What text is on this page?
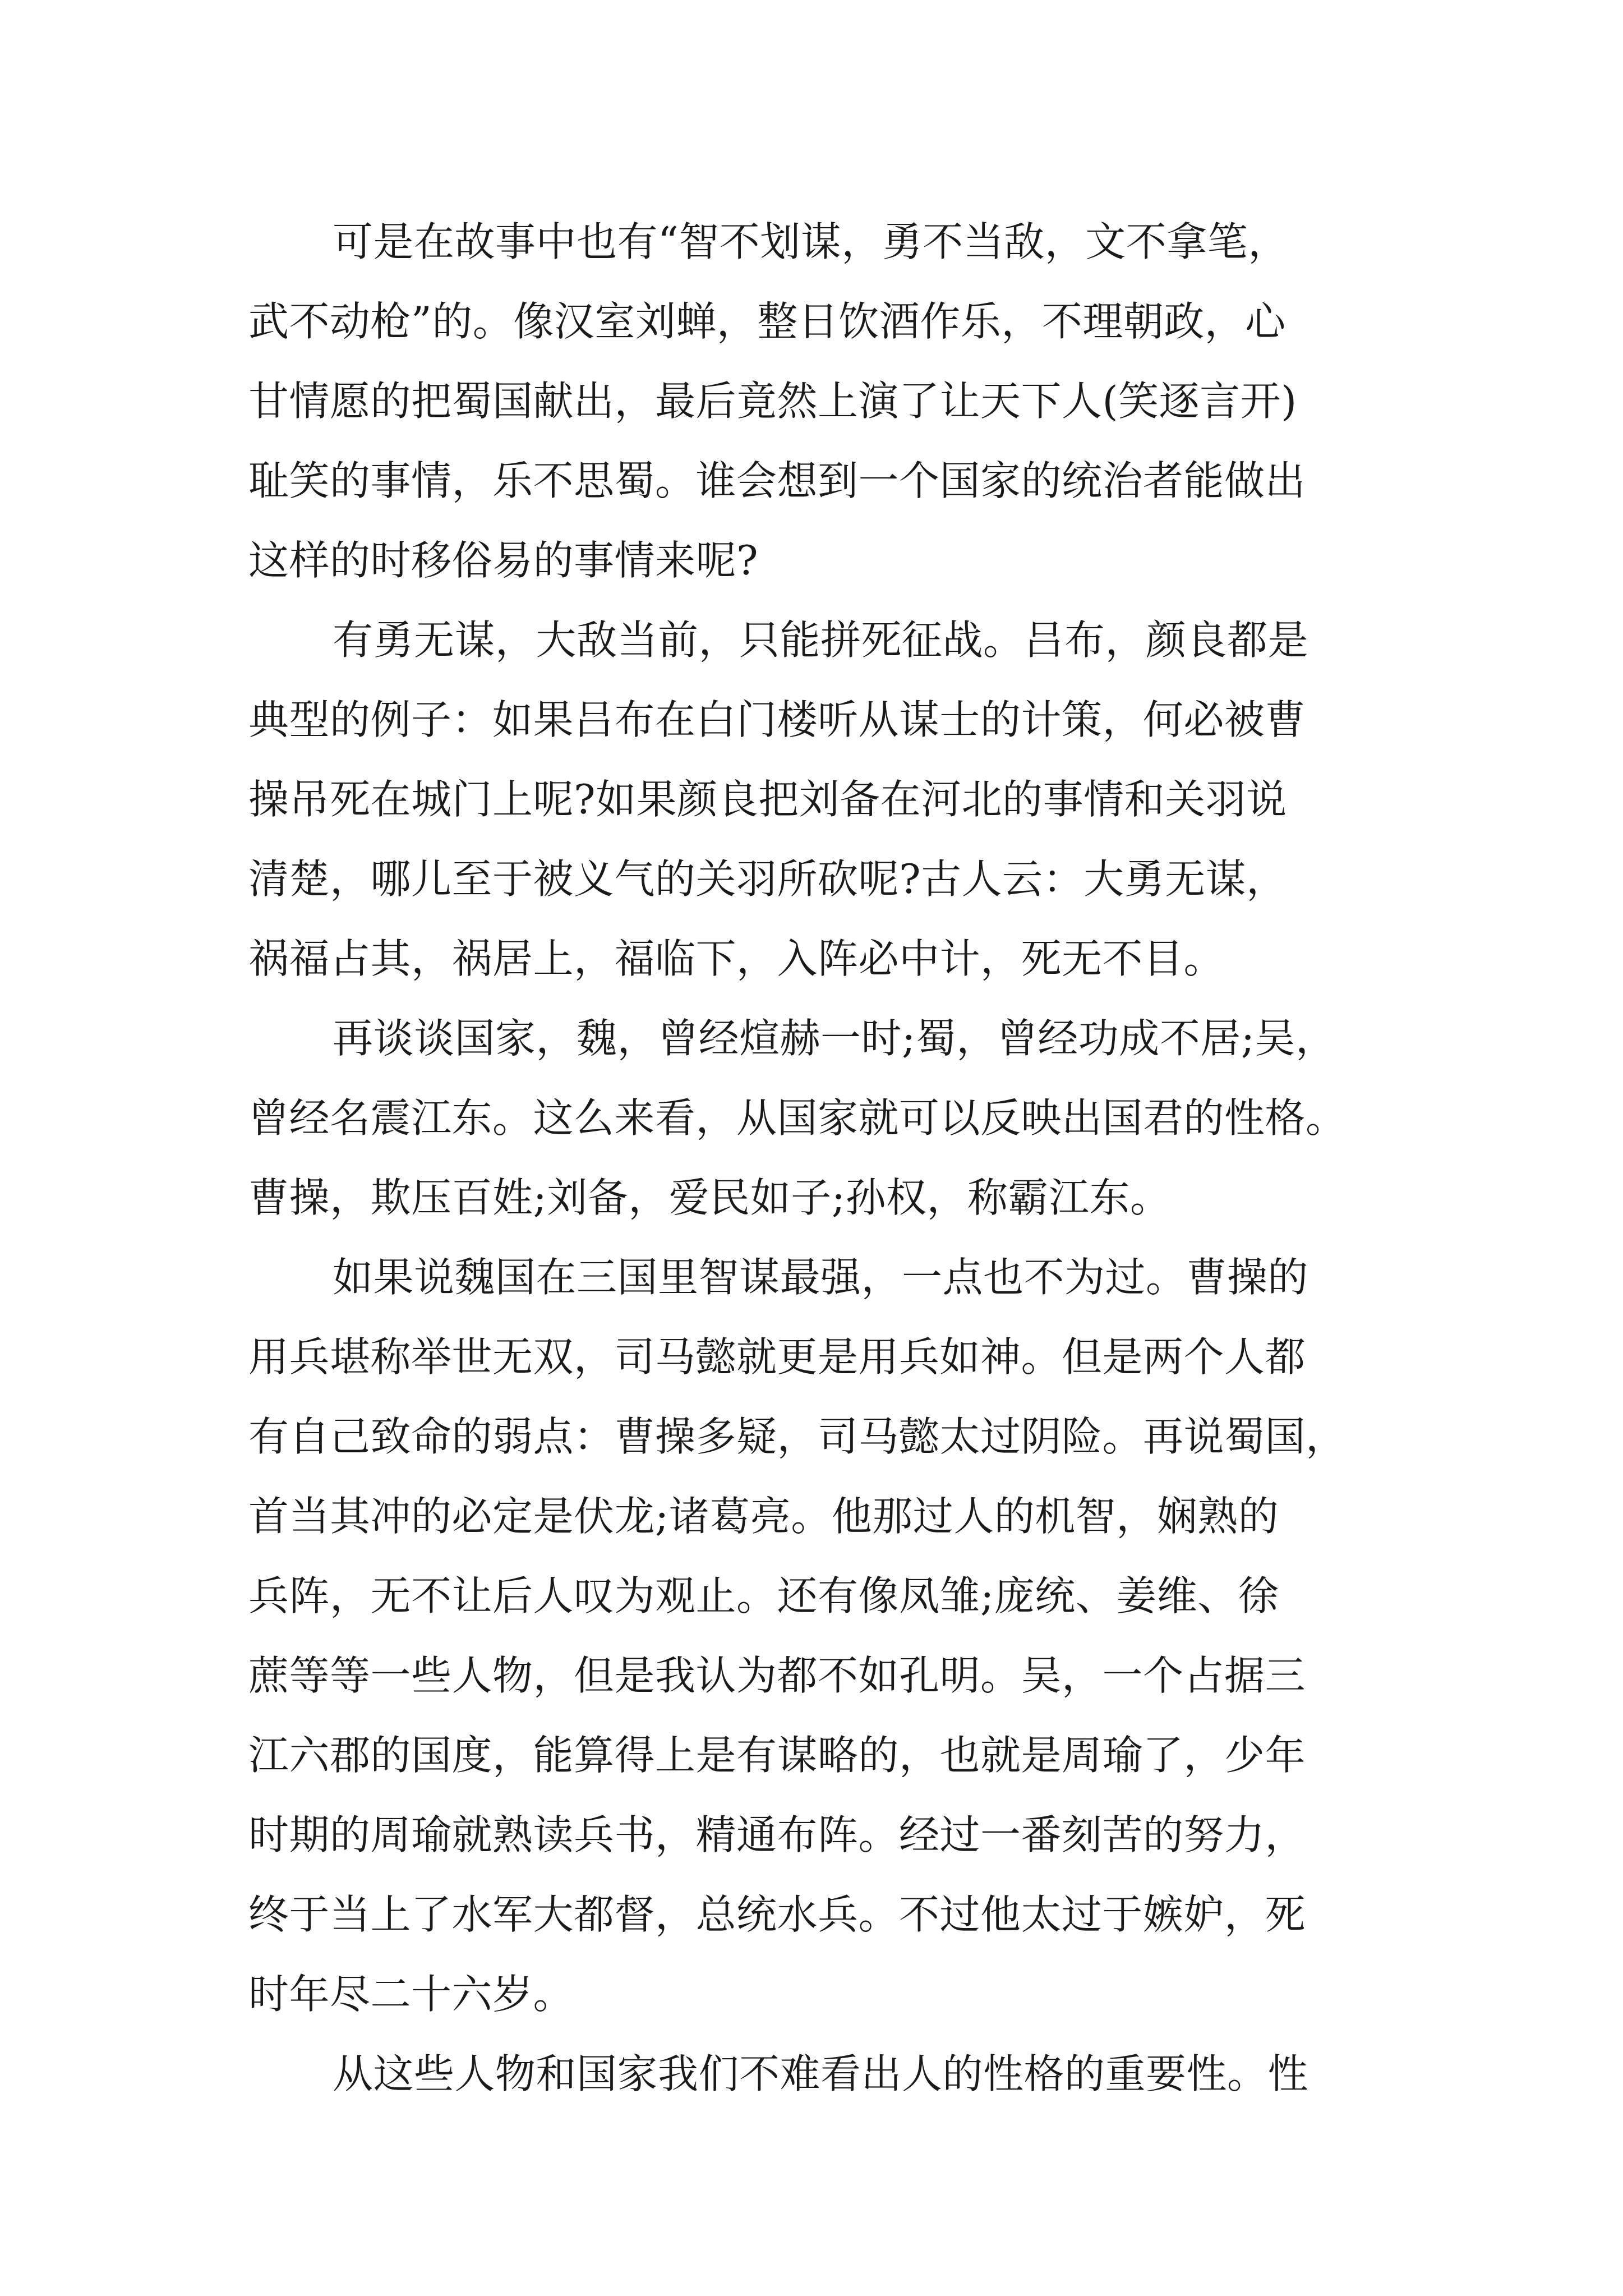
可是在故事中也有“智不划谋，勇不当敌，文不拿笔，
武不动枪”的。像汉室刘蝉，整日饮酒作乐，不理朝政，心
甘情愿的把蜀国献出，最后竟然上演了让天下人(笑逐言开)
耻笑的事情，乐不思蜀。谁会想到一个国家的统治者能做出
这样的时移俗易的事情来呢?
有勇无谋，大敌当前，只能拼死征战。吕布，颜良都是
典型的例子：如果吕布在白门楼听从谋士的计策，何必被曹
操吊死在城门上呢?如果颜良把刘备在河北的事情和关羽说
清楚，哪儿至于被义气的关羽所砍呢?古人云：大勇无谋，
祸福占其，祸居上，福临下，入阵必中计，死无不目。
再谈谈国家，魏，曾经煊赫一时;蜀，曾经功成不居;吴，
曾经名震江东。这么来看，从国家就可以反映出国君的性格。
曹操，欺压百姓;刘备，爱民如子;孙权，称霸江东。
如果说魏国在三国里智谋最强，一点也不为过。曹操的
用兵堪称举世无双，司马懿就更是用兵如神。但是两个人都
有自己致命的弱点：曹操多疑，司马懿太过阴险。再说蜀国，
首当其冲的必定是伏龙;诸葛亮。他那过人的机智，娴熟的
兵阵，无不让后人叹为观止。还有像凤雏;庞统、姜维、徐
蔗等等一些人物，但是我认为都不如孔明。吴，一个占据三
江六郡的国度，能算得上是有谋略的，也就是周瑜了，少年
时期的周瑜就熟读兵书，精通布阵。经过一番刻苦的努力，
终于当上了水军大都督，总统水兵。不过他太过于嫉妒，死
时年尽二十六岁。
从这些人物和国家我们不难看出人的性格的重要性。性
